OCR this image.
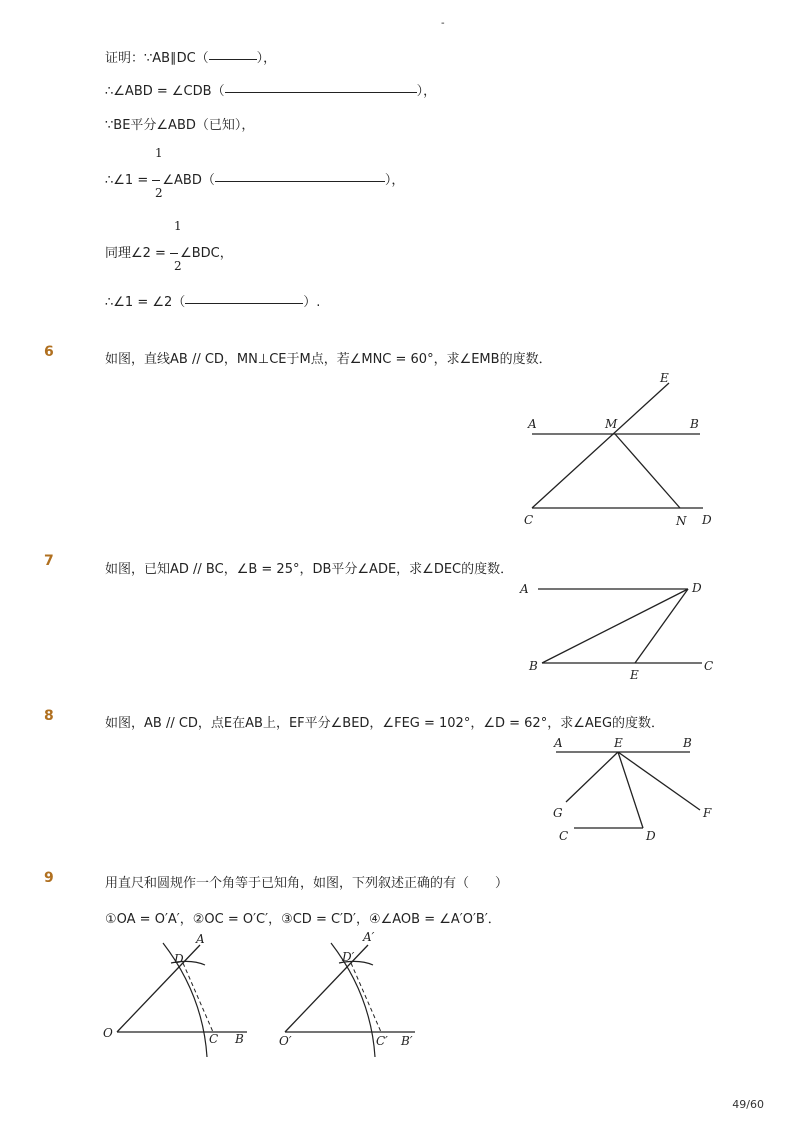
-
证明：∵AB∥DC（	），
∴∠ABD = ∠CDB（	），
∵BE平分∠ABD（已知），
1
∴∠1 = ∠ABD（	），
2
1
同理∠2 = ∠BDC，
2
∴∠1 = ∠2（	）.
6	如图，直线AB // CD，MN⊥CE于M点，若∠MNC = 60°，求∠EMB的度数．
E
A	M	B
C	N D
7
如图，已知AD // BC，∠B = 25°，DB平分∠ADE，求∠DEC的度数．
A	D
B
E
C
8	如图，AB // CD，点E在AB上，EF平分∠BED，∠FEG = 102°，∠D = 62°，求∠AEG的度数．
A	E	B
G	F
C	D
9	用直尺和圆规作一个角等于已知角，如图，下列叙述正确的有（　　）
①OA = O′A′，②OC = O′C′，③CD = C′D′，④∠AOB = ∠A′O′B′．
A
D
O	C B
A′
D′
O′	C′ B′
49/60
